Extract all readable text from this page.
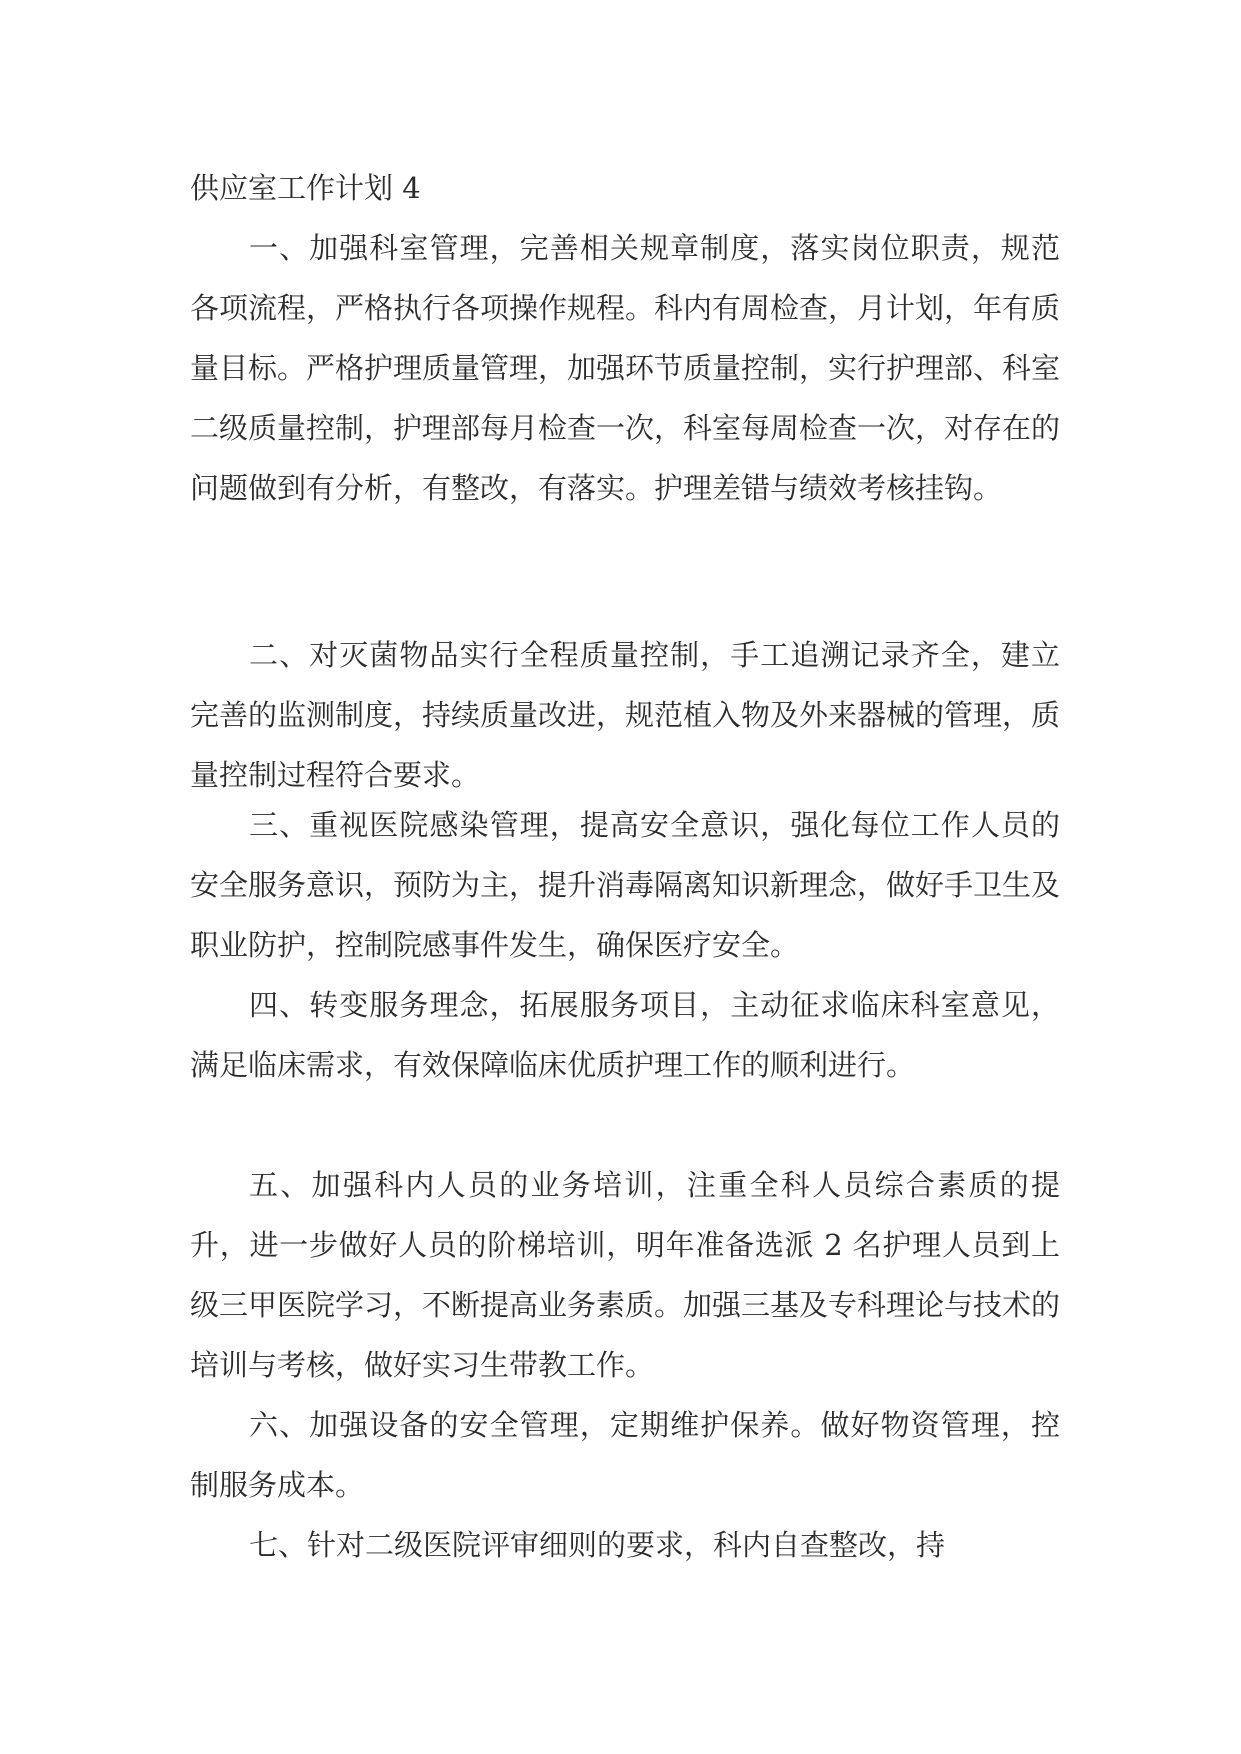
供应室工作计划 4

一、加强科室管理，完善相关规章制度，落实岗位职责，规范各项流程，严格执行各项操作规程。科内有周检查，月计划，年有质量目标。严格护理质量管理，加强环节质量控制，实行护理部、科室二级质量控制，护理部每月检查一次，科室每周检查一次，对存在的问题做到有分析，有整改，有落实。护理差错与绩效考核挂钩。

二、对灭菌物品实行全程质量控制，手工追溯记录齐全，建立完善的监测制度，持续质量改进，规范植入物及外来器械的管理，质量控制过程符合要求。

三、重视医院感染管理，提高安全意识，强化每位工作人员的安全服务意识，预防为主，提升消毒隔离知识新理念，做好手卫生及职业防护，控制院感事件发生，确保医疗安全。

四、转变服务理念，拓展服务项目，主动征求临床科室意见，满足临床需求，有效保障临床优质护理工作的顺利进行。

五、加强科内人员的业务培训，注重全科人员综合素质的提升，进一步做好人员的阶梯培训，明年准备选派 2 名护理人员到上级三甲医院学习，不断提高业务素质。加强三基及专科理论与技术的培训与考核，做好实习生带教工作。

六、加强设备的安全管理，定期维护保养。做好物资管理，控制服务成本。

七、针对二级医院评审细则的要求，科内自查整改，持
